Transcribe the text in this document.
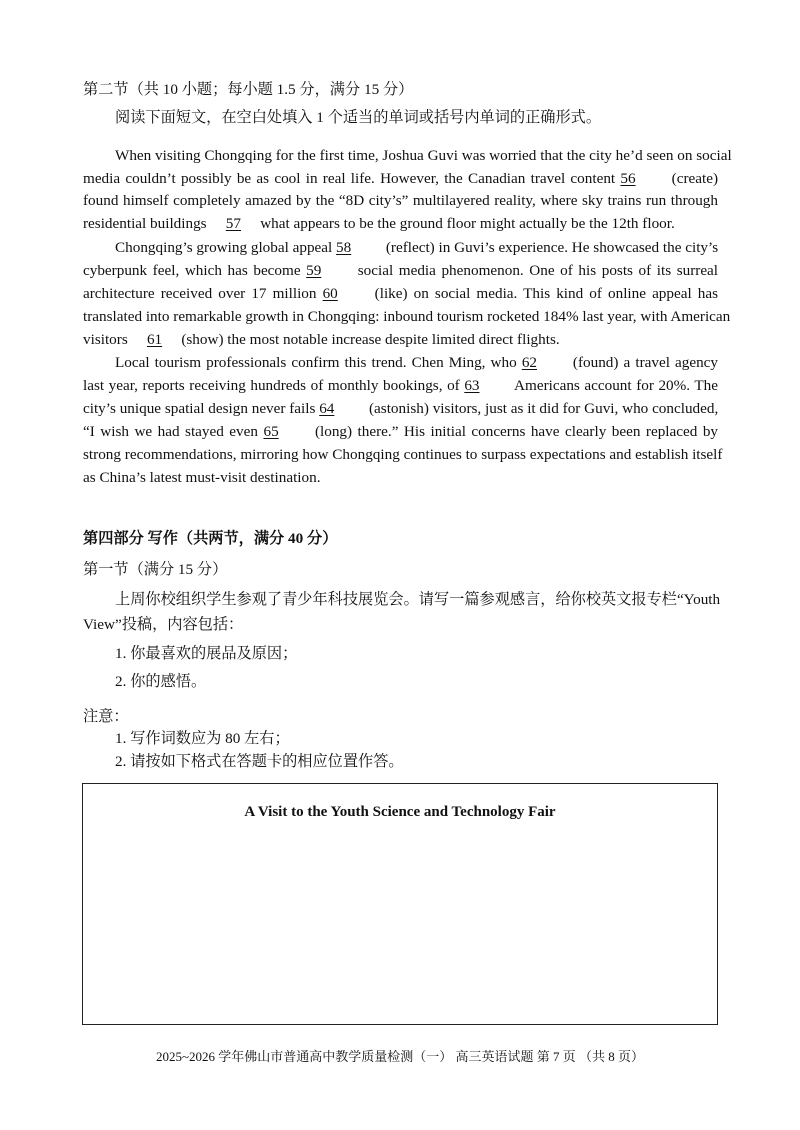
第二节（共 10 小题；每小题 1.5 分，满分 15 分）
阅读下面短文，在空白处填入 1 个适当的单词或括号内单词的正确形式。
When visiting Chongqing for the first time, Joshua Guvi was worried that the city he’d seen on social
media couldn’t possibly be as cool in real life. However, the Canadian travel content 56 (create)
found himself completely amazed by the “8D city’s” multilayered reality, where sky trains run through
residential buildings 57 what appears to be the ground floor might actually be the 12th floor.
Chongqing’s growing global appeal 58 (reflect) in Guvi’s experience. He showcased the city’s
cyberpunk feel, which has become 59 social media phenomenon. One of his posts of its surreal
architecture received over 17 million 60 (like) on social media. This kind of online appeal has
translated into remarkable growth in Chongqing: inbound tourism rocketed 184% last year, with American
visitors 61 (show) the most notable increase despite limited direct flights.
Local tourism professionals confirm this trend. Chen Ming, who 62 (found) a travel agency
last year, reports receiving hundreds of monthly bookings, of 63 Americans account for 20%. The
city’s unique spatial design never fails 64 (astonish) visitors, just as it did for Guvi, who concluded,
“I wish we had stayed even 65 (long) there.” His initial concerns have clearly been replaced by
strong recommendations, mirroring how Chongqing continues to surpass expectations and establish itself
as China’s latest must-visit destination.
第四部分 写作（共两节，满分 40 分）
第一节（满分 15 分）
上周你校组织学生参观了青少年科技展览会。请写一篇参观感言，给你校英文报专栏“Youth
View”投稿，内容包括：
1. 你最喜欢的展品及原因；
2. 你的感悟。
注意：
1. 写作词数应为 80 左右；
2. 请按如下格式在答题卡的相应位置作答。
A Visit to the Youth Science and Technology Fair
2025~2026 学年佛山市普通高中教学质量检测（一） 高三英语试题 第 7 页 （共 8 页）
